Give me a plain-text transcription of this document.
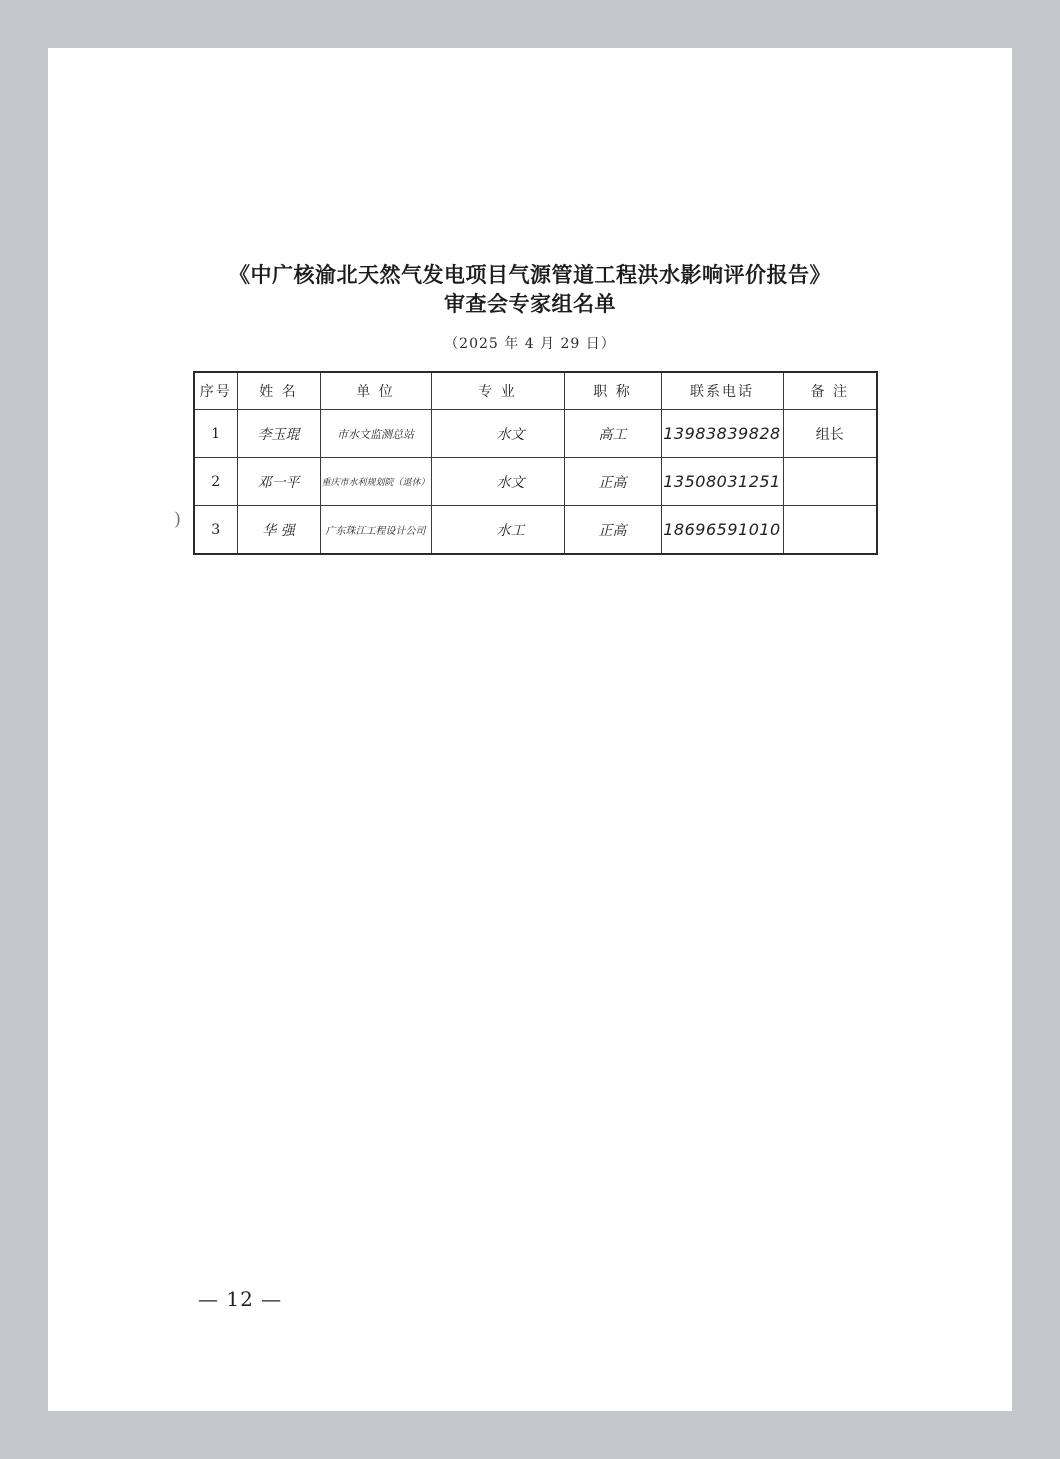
《中广核渝北天然气发电项目气源管道工程洪水影响评价报告》
审查会专家组名单
（2025 年 4 月 29 日）
)
序号	姓 名	单 位	专 业	职 称	联系电话	备 注
1	李玉琨	市水文监测总站	水文	高工	13983839828	组长
2	邓一平	重庆市水利规划院（退休）	水文	正高	13508031251	
3	华 强	广东珠江工程设计公司	水工	正高	18696591010	
— 12 —
